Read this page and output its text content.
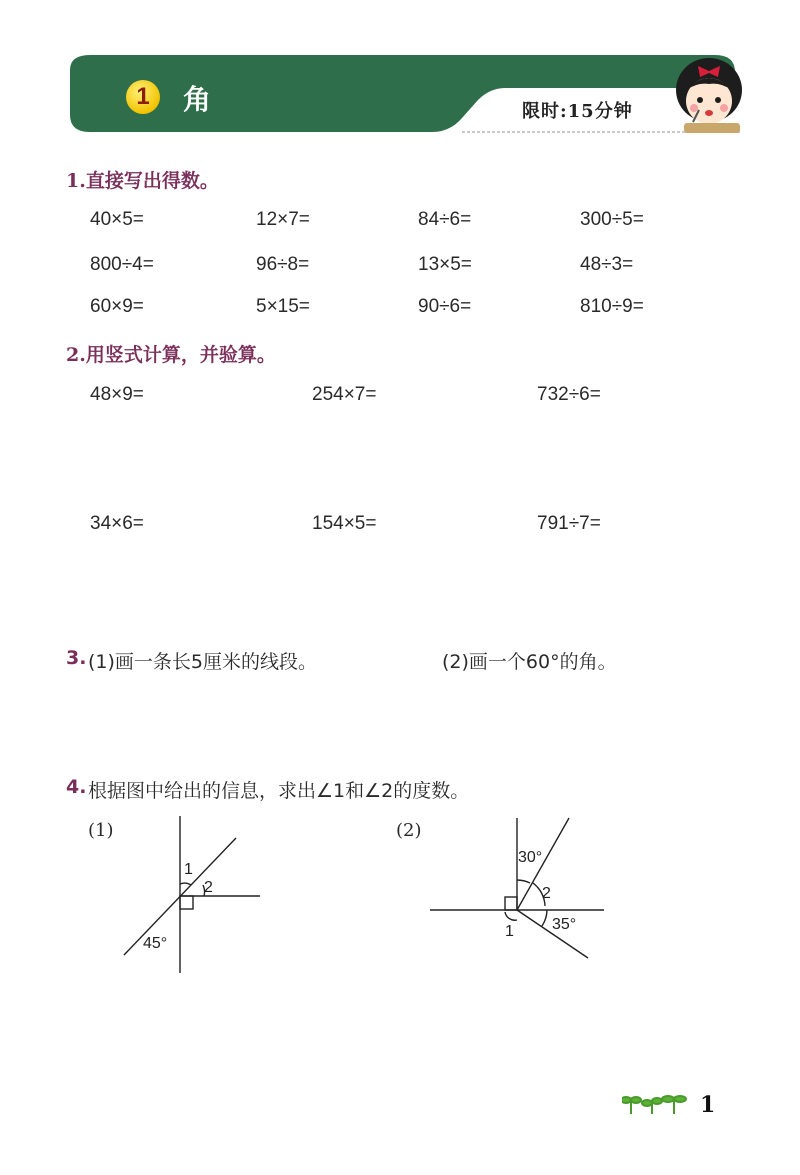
1	角	限时:15分钟
1.直接写出得数。
40×5=	12×7=	84÷6=	300÷5=
800÷4=	96÷8=	13×5=	48÷3=
60×9=	5×15=	90÷6=	810÷9=
2.用竖式计算，并验算。
48×9=	254×7=	732÷6=
34×6=	154×5=	791÷7=
3. (1)画一条长5厘米的线段。	(2)画一个60°的角。
4. 根据图中给出的信息，求出∠1和∠2的度数。
(1)	(2)
1
2
45°
30°
2
35°
1
1
